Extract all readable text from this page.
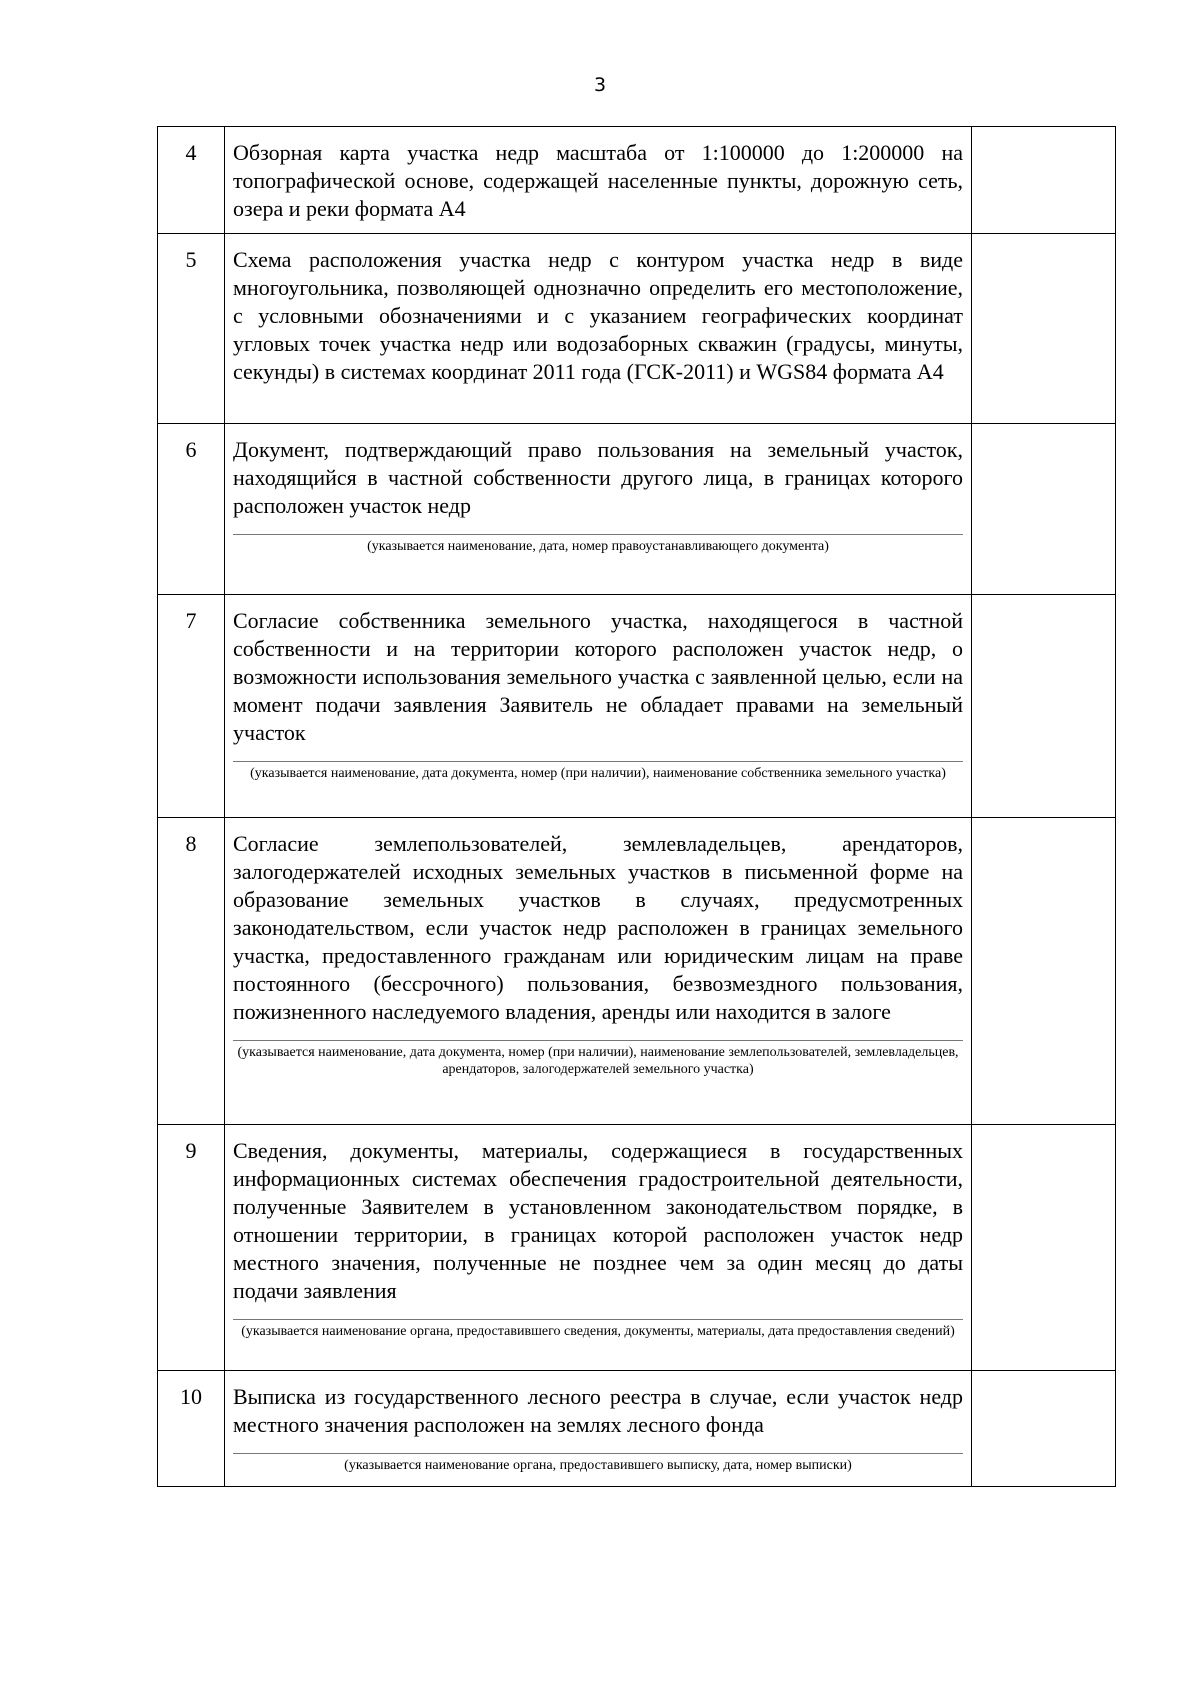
3
4	Обзорная карта участка недр масштаба от 1:100000 до 1:200000 на топографической основе, содержащей населенные пункты, дорожную сеть, озера и реки формата А4	

5	Схема расположения участка недр с контуром участка недр в виде многоугольника, позволяющей однозначно определить его местоположение, с условными обозначениями и с указанием географических координат угловых точек участка недр или водозаборных скважин (градусы, минуты, секунды) в системах координат 2011 года (ГСК-2011) и WGS84 формата А4	

6	Документ, подтверждающий право пользования на земельный участок, находящийся в частной собственности другого лица, в границах которого расположен участок недр
(указывается наименование, дата, номер правоустанавливающего документа)	

7	Согласие собственника земельного участка, находящегося в частной собственности и на территории которого расположен участок недр, о возможности использования земельного участка с заявленной целью, если на момент подачи заявления Заявитель не обладает правами на земельный участок
(указывается наименование, дата документа, номер (при наличии), наименование собственника земельного участка)	

8	Согласие землепользователей, землевладельцев, арендаторов, залогодержателей исходных земельных участков в письменной форме на образование земельных участков в случаях, предусмотренных законодательством, если участок недр расположен в границах земельного участка, предоставленного гражданам или юридическим лицам на праве постоянного (бессрочного) пользования, безвозмездного пользования, пожизненного наследуемого владения, аренды или находится в залоге
(указывается наименование, дата документа, номер (при наличии), наименование землепользователей, землевладельцев, арендаторов, залогодержателей земельного участка)	

9	Сведения, документы, материалы, содержащиеся в государственных информационных системах обеспечения градостроительной деятельности, полученные Заявителем в установленном законодательством порядке, в отношении территории, в границах которой расположен участок недр местного значения, полученные не позднее чем за один месяц до даты подачи заявления
(указывается наименование органа, предоставившего сведения, документы, материалы, дата предоставления сведений)	

10	Выписка из государственного лесного реестра в случае, если участок недр местного значения расположен на землях лесного фонда
(указывается наименование органа, предоставившего выписку, дата, номер выписки)	
